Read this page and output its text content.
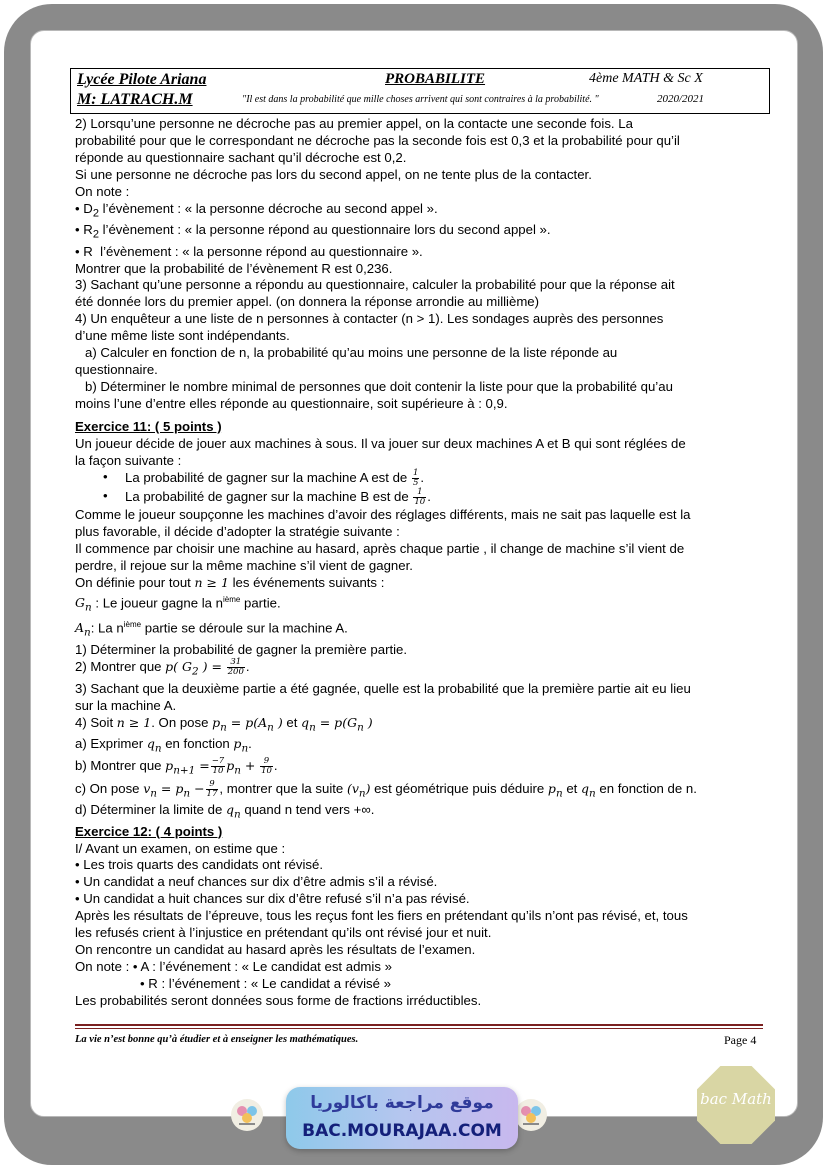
Lycée Pilote Ariana	PROBABILITE	4ème MATH & Sc X
M: LATRACH.M	"Il est dans la probabilité que mille choses arrivent qui sont contraires à la probabilité. "	2020/2021

2) Lorsqu’une personne ne décroche pas au premier appel, on la contacte une seconde fois. La

probabilité pour que le correspondant ne décroche pas la seconde fois est 0,3 et la probabilité pour qu’il

réponde au questionnaire sachant qu’il décroche est 0,2.

Si une personne ne décroche pas lors du second appel, on ne tente plus de la contacter.

On note :

• $D_2$ l’évènement : « la personne décroche au second appel ».

• $R_2$ l’évènement : « la personne répond au questionnaire lors du second appel ».

• R  l’évènement : « la personne répond au questionnaire ».

Montrer que la probabilité de l’évènement R est 0,236.

3) Sachant qu’une personne a répondu au questionnaire, calculer la probabilité pour que la réponse ait

été donnée lors du premier appel. (on donnera la réponse arrondie au millième)

4) Un enquêteur a une liste de n personnes à contacter (n > 1). Les sondages auprès des personnes

d’une même liste sont indépendants.

a) Calculer en fonction de n, la probabilité qu’au moins une personne de la liste réponde au

questionnaire.

b) Déterminer le nombre minimal de personnes que doit contenir la liste pour que la probabilité qu’au

moins l’une d’entre elles réponde au questionnaire, soit supérieure à : 0,9.

Exercice 11: ( 5 points )

Un joueur décide de jouer aux machines à sous. Il va jouer sur deux machines A et B qui sont réglées de

la façon suivante :

• La probabilité de gagner sur la machine A est de $\frac{1}{5}$ .

• La probabilité de gagner sur la machine B est de $\frac{1}{10}$ .

Comme le joueur soupçonne les machines d’avoir des réglages différents, mais ne sait pas laquelle est la

plus favorable, il décide d’adopter la stratégie suivante :

Il commence par choisir une machine au hasard, après chaque partie , il change de machine s’il vient de

perdre, il rejoue sur la même machine s’il vient de gagner.

On définie pour tout n ≥ 1 les événements suivants :

$G_n$ : Le joueur gagne la $n^{ième}$ partie.

$A_n$: La $n^{ième}$ partie se déroule sur la machine A.

1) Déterminer la probabilité de gagner la première partie.

2) Montrer que p( $G_2$ ) = $\frac{31}{200}$ .

3) Sachant que la deuxième partie a été gagnée, quelle est la probabilité que la première partie ait eu lieu

sur la machine A.

4) Soit n ≥ 1. On pose $p_n = p(A_n$ ) et $q_n = p(G_n$ )

a) Exprimer $q_n$ en fonction $p_n$.

b) Montrer que $p_{n+1} = \frac{-7}{10} p_n + \frac{9}{10}$ .

c) On pose $v_n = p_n - \frac{9}{17}$ , montrer que la suite $(v_n)$ est géométrique puis déduire $p_n$ et $q_n$ en fonction de n.

d) Déterminer la limite de $q_n$ quand n tend vers +∞.

Exercice 12: ( 4 points )

I/ Avant un examen, on estime que :

• Les trois quarts des candidats ont révisé.

• Un candidat a neuf chances sur dix d’être admis s’il a révisé.

• Un candidat a huit chances sur dix d’être refusé s’il n’a pas révisé.

Après les résultats de l’épreuve, tous les reçus font les fiers en prétendant qu’ils n’ont pas révisé, et, tous

les refusés crient à l’injustice en prétendant qu’ils ont révisé jour et nuit.

On rencontre un candidat au hasard après les résultats de l’examen.

On note : • A : l’événement : « Le candidat est admis »

• R : l’événement : « Le candidat a révisé »

Les probabilités seront données sous forme de fractions irréductibles.

La vie n’est bonne qu’à étudier et à enseigner les mathématiques.	Page 4
موقع مراجعة باكالوريا
BAC.MOURAJAA.COM
bac Math
